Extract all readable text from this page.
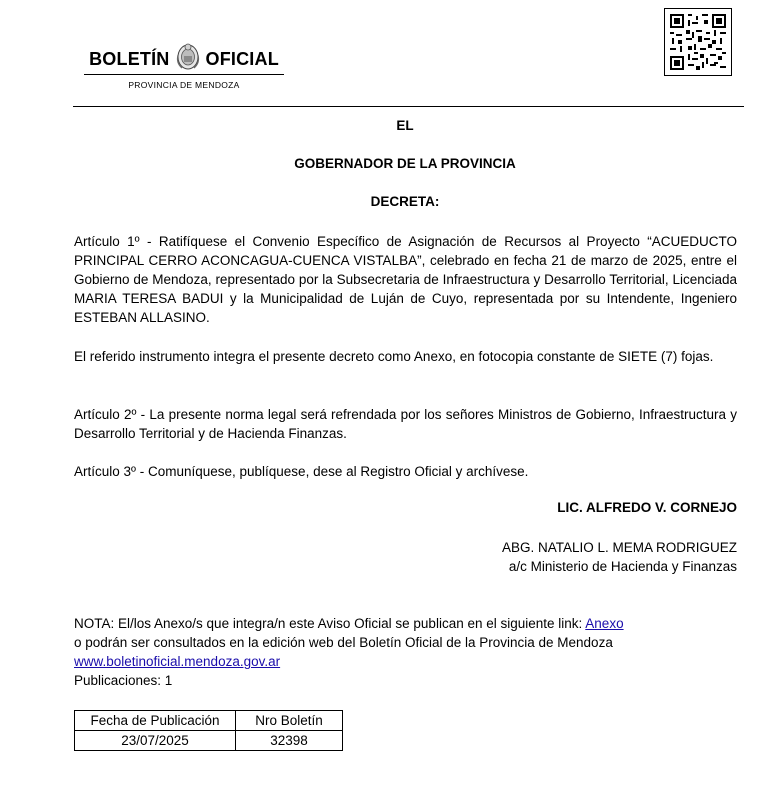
BOLETÍN OFICIAL
PROVINCIA DE MENDOZA
EL
GOBERNADOR DE LA PROVINCIA
DECRETA:
Artículo 1º - Ratifíquese el Convenio Específico de Asignación de Recursos al Proyecto “ACUEDUCTO PRINCIPAL CERRO ACONCAGUA-CUENCA VISTALBA”, celebrado en fecha 21 de marzo de 2025, entre el Gobierno de Mendoza, representado por la Subsecretaria de Infraestructura y Desarrollo Territorial, Licenciada MARIA TERESA BADUI y la Municipalidad de Luján de Cuyo, representada por su Intendente, Ingeniero ESTEBAN ALLASINO.
El referido instrumento integra el presente decreto como Anexo, en fotocopia constante de SIETE (7) fojas.
Artículo 2º - La presente norma legal será refrendada por los señores Ministros de Gobierno, Infraestructura y Desarrollo Territorial y de Hacienda Finanzas.
Artículo 3º - Comuníquese, publíquese, dese al Registro Oficial y archívese.
LIC. ALFREDO V. CORNEJO
ABG. NATALIO L. MEMA RODRIGUEZ
a/c Ministerio de Hacienda y Finanzas
NOTA: El/los Anexo/s que integra/n este Aviso Oficial se publican en el siguiente link: Anexo
o podrán ser consultados en la edición web del Boletín Oficial de la Provincia de Mendoza
www.boletinoficial.mendoza.gov.ar
Publicaciones: 1
Fecha de Publicación	Nro Boletín
23/07/2025	32398
